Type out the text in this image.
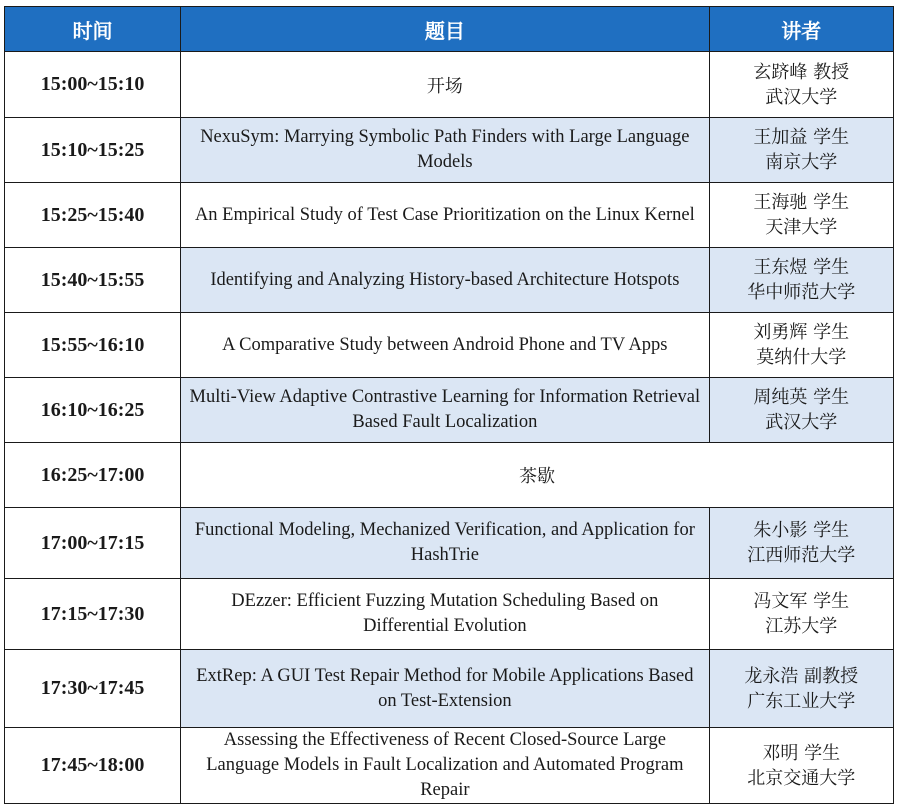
时间	题目	讲者
15:00~15:10	开场	玄跻峰 教授
武汉大学

15:10~15:25	NexuSym: Marrying Symbolic Path Finders with Large Language Models	王加益 学生
南京大学

15:25~15:40	An Empirical Study of Test Case Prioritization on the Linux Kernel	王海驰 学生
天津大学

15:40~15:55	Identifying and Analyzing History-based Architecture Hotspots	王东煜 学生
华中师范大学

15:55~16:10	A Comparative Study between Android Phone and TV Apps	刘勇辉 学生
莫纳什大学

16:10~16:25	Multi-View Adaptive Contrastive Learning for Information Retrieval Based Fault Localization	周纯英 学生
武汉大学

16:25~17:00	茶歇	
17:00~17:15	Functional Modeling, Mechanized Verification, and Application for HashTrie	朱小影 学生
江西师范大学

17:15~17:30	DEzzer: Efficient Fuzzing Mutation Scheduling Based on Differential Evolution	冯文军 学生
江苏大学

17:30~17:45	ExtRep: A GUI Test Repair Method for Mobile Applications Based on Test-Extension	龙永浩 副教授
广东工业大学

17:45~18:00	Assessing the Effectiveness of Recent Closed-Source Large Language Models in Fault Localization and Automated Program Repair	邓明 学生
北京交通大学
